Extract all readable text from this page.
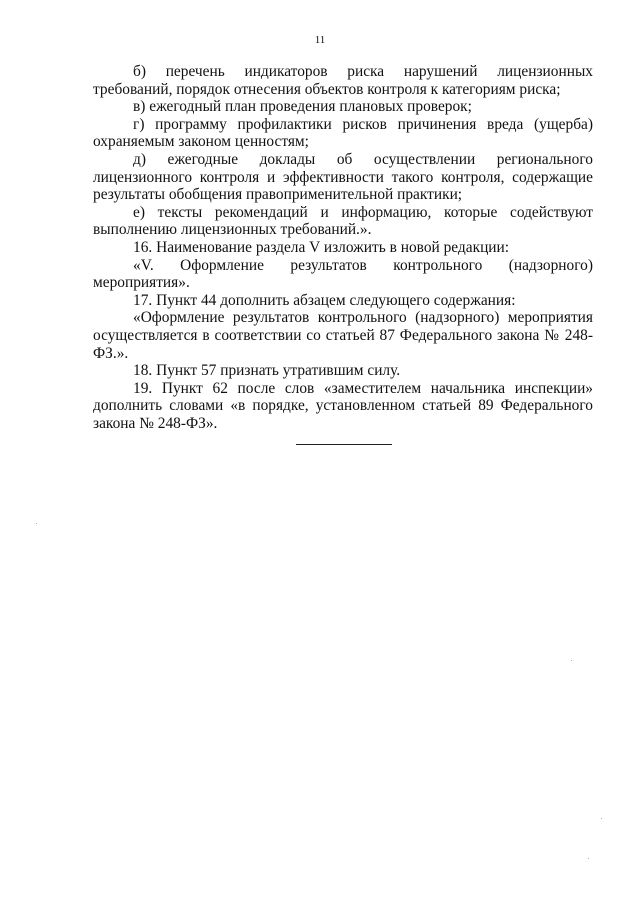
11

б) перечень индикаторов риска нарушений лицензионных требований, порядок отнесения объектов контроля к категориям риска;

в) ежегодный план проведения плановых проверок;

г) программу профилактики рисков причинения вреда (ущерба) охраняемым законом ценностям;

д) ежегодные доклады об осуществлении регионального лицензионного контроля и эффективности такого контроля, содержащие результаты обобщения правоприменительной практики;

е) тексты рекомендаций и информацию, которые содействуют выполнению лицензионных требований.».

16. Наименование раздела V изложить в новой редакции:

«V. Оформление результатов контрольного (надзорного) мероприятия».

17. Пункт 44 дополнить абзацем следующего содержания:

«Оформление результатов контрольного (надзорного) мероприятия осуществляется в соответствии со статьей 87 Федерального закона № 248-ФЗ.».

18. Пункт 57 признать утратившим силу.

19. Пункт 62 после слов «заместителем начальника инспекции» дополнить словами «в порядке, установленном статьей 89 Федерального закона № 248-ФЗ».
